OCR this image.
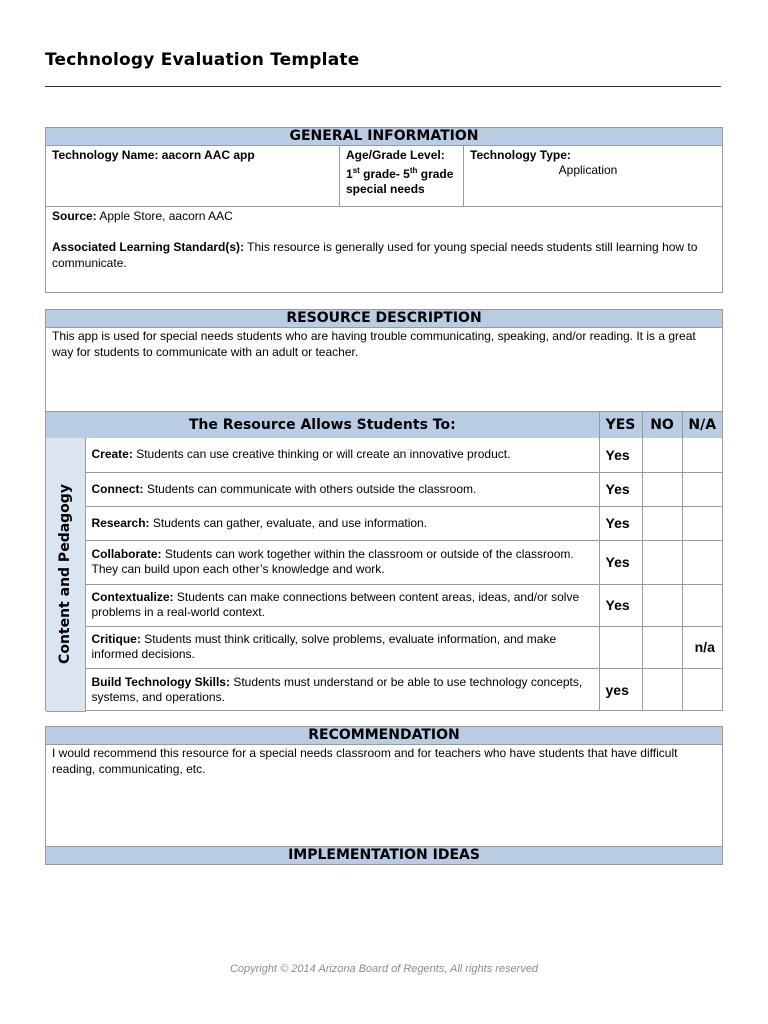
Technology Evaluation Template
GENERAL INFORMATION
Technology Name: aacorn AAC app	Age/Grade Level:
1st grade- 5th grade special needs
Technology Type:
Application
Source: Apple Store, aacorn AAC
Associated Learning Standard(s): This resource is generally used for young special needs students still learning how to communicate.
RESOURCE DESCRIPTION
This app is used for special needs students who are having trouble communicating, speaking, and/or reading. It is a great way for students to communicate with an adult or teacher.
The Resource Allows Students To:		YES	NO	N/A

Content and Pedagogy	Create: Students can use creative thinking or will create an innovative product.	Yes		
	Connect: Students can communicate with others outside the classroom.	Yes		
	Research: Students can gather, evaluate, and use information.	Yes		
	Collaborate: Students can work together within the classroom or outside of the classroom. They can build upon each other’s knowledge and work.	Yes		
	Contextualize: Students can make connections between content areas, ideas, and/or solve problems in a real-world context.	Yes		
	Critique: Students must think critically, solve problems, evaluate information, and make informed decisions.			n/a
	Build Technology Skills: Students must understand or be able to use technology concepts, systems, and operations.	yes		
RECOMMENDATION
I would recommend this resource for a special needs classroom and for teachers who have students that have difficult reading, communicating, etc.
IMPLEMENTATION IDEAS
Copyright © 2014 Arizona Board of Regents, All rights reserved
